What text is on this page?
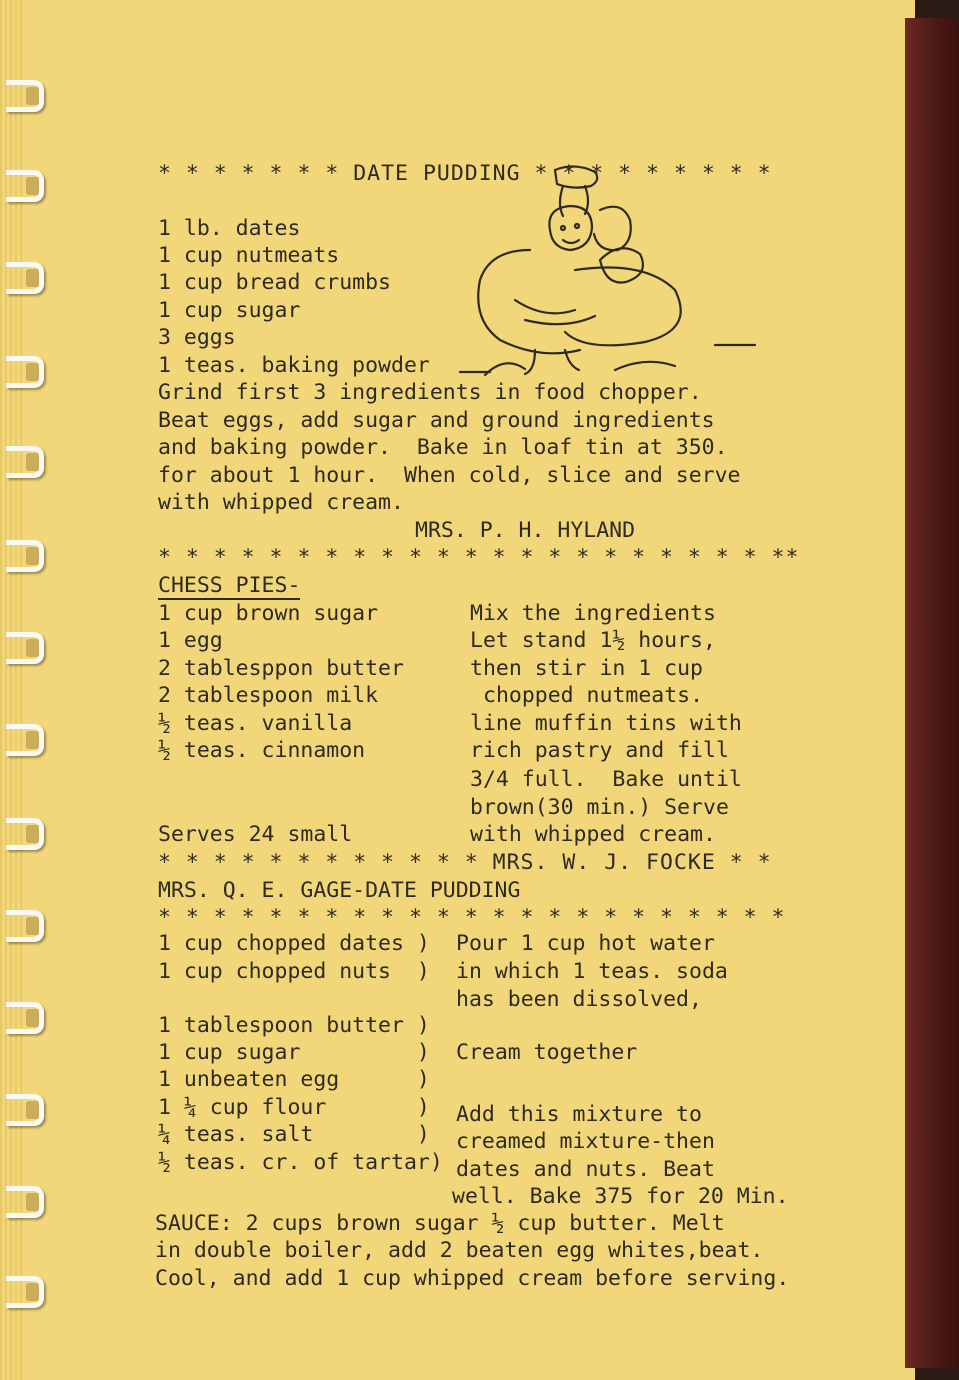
* * * * * * * DATE PUDDING * * * * * * * * *
1 lb. dates
1 cup nutmeats
1 cup bread crumbs
1 cup sugar
3 eggs
1 teas. baking powder
Grind first 3 ingredients in food chopper.
Beat eggs, add sugar and ground ingredients
and baking powder.  Bake in loaf tin at 350.
for about 1 hour.  When cold, slice and serve
with whipped cream.
MRS. P. H. HYLAND
* * * * * * * * * * * * * * * * * * * * * * **
CHESS PIES-
1 cup brown sugar
1 egg
2 tablesppon butter
2 tablespoon milk
½ teas. vanilla
½ teas. cinnamon
Mix the ingredients
Let stand 1½ hours,
then stir in 1 cup
chopped nutmeats.
line muffin tins with
rich pastry and fill
3/4 full.  Bake until
brown(30 min.) Serve
with whipped cream.
Serves 24 small
* * * * * * * * * * * * MRS. W. J. FOCKE * *
MRS. Q. E. GAGE-DATE PUDDING
* * * * * * * * * * * * * * * * * * * * * * *
1 cup chopped dates ) Pour 1 cup hot water
1 cup chopped nuts  ) in which 1 teas. soda
has been dissolved,
1 tablespoon butter )
1 cup sugar         ) Cream together
1 unbeaten egg      )
1 ¼ cup flour       ) Add this mixture to
¼ teas. salt        ) creamed mixture-then
½ teas. cr. of tartar) dates and nuts. Beat
well. Bake 375 for 20 Min.
SAUCE: 2 cups brown sugar ½ cup butter. Melt
in double boiler, add 2 beaten egg whites,beat.
Cool, and add 1 cup whipped cream before serving.
